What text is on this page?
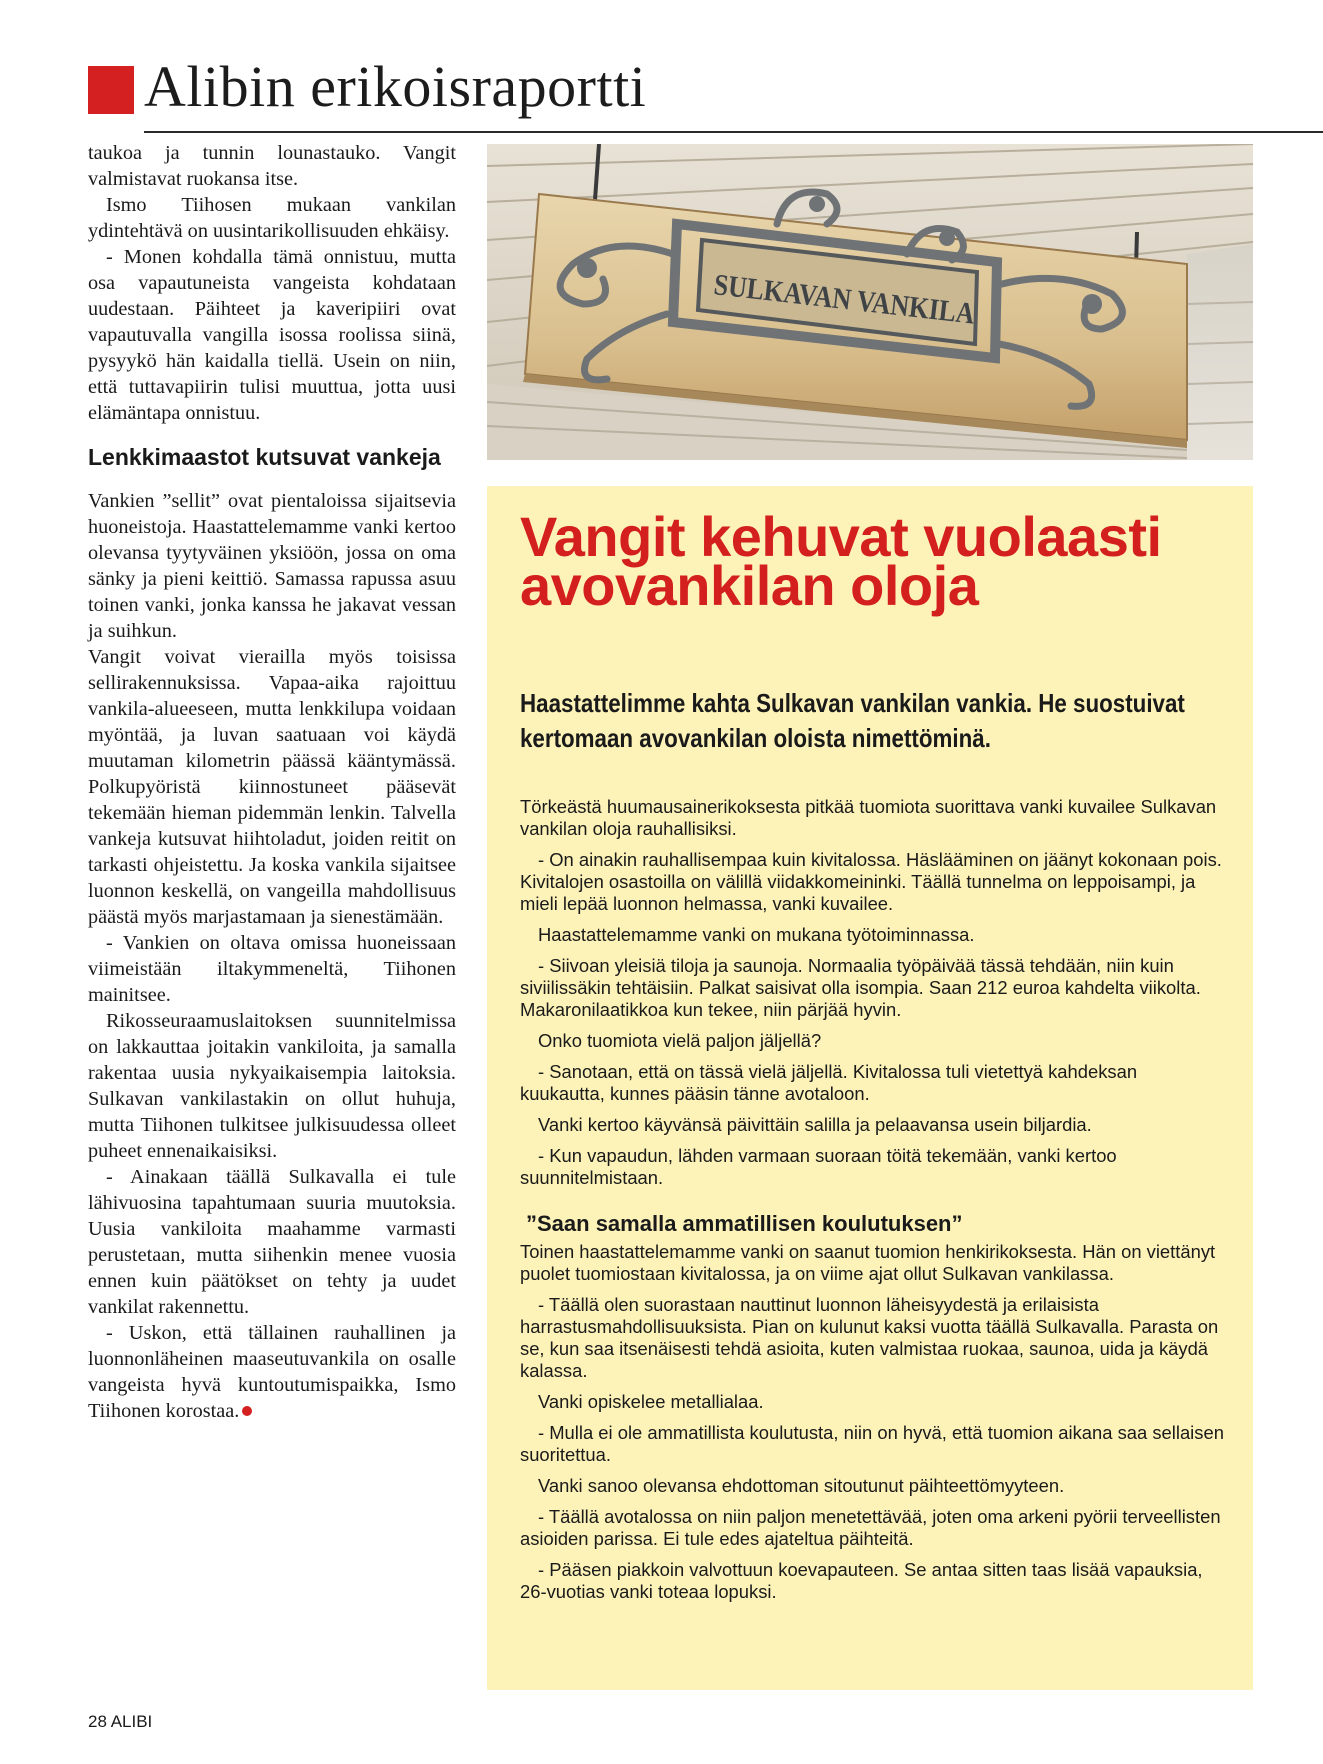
Alibin erikoisraportti

taukoa ja tunnin lounastauko. Vangit valmistavat ruokansa itse.

Ismo Tiihosen mukaan vankilan ydintehtävä on uusintarikollisuuden ehkäisy.

- Monen kohdalla tämä onnistuu, mutta osa vapautuneista vangeista kohdataan uudestaan. Päihteet ja kaveripiiri ovat vapautuvalla vangilla isossa roolissa siinä, pysyykö hän kaidalla tiellä. Usein on niin, että tuttavapiirin tulisi muuttua, jotta uusi elämäntapa onnistuu.

Lenkkimaastot kutsuvat vankeja

Vankien ”sellit” ovat pientaloissa sijaitsevia huoneistoja. Haastattelemamme vanki kertoo olevansa tyytyväinen yksiöön, jossa on oma sänky ja pieni keittiö. Samassa rapussa asuu toinen vanki, jonka kanssa he jakavat vessan ja suihkun.

Vangit voivat vierailla myös toisissa sellirakennuksissa. Vapaa-aika rajoittuu vankila-alueeseen, mutta lenkkilupa voidaan myöntää, ja luvan saatuaan voi käydä muutaman kilometrin päässä kääntymässä. Polkupyöristä kiinnostuneet pääsevät tekemään hieman pidemmän lenkin. Talvella vankeja kutsuvat hiihtoladut, joiden reitit on tarkasti ohjeistettu. Ja koska vankila sijaitsee luonnon keskellä, on vangeilla mahdollisuus päästä myös marjastamaan ja sienestämään.

- Vankien on oltava omissa huoneissaan viimeistään iltakymmeneltä, Tiihonen mainitsee.

Rikosseuraamuslaitoksen suunnitelmissa on lakkauttaa joitakin vankiloita, ja samalla rakentaa uusia nykyaikaisempia laitoksia. Sulkavan vankilastakin on ollut huhuja, mutta Tiihonen tulkitsee julkisuudessa olleet puheet ennenaikaisiksi.

- Ainakaan täällä Sulkavalla ei tule lähivuosina tapahtumaan suuria muutoksia. Uusia vankiloita maahamme varmasti perustetaan, mutta siihenkin menee vuosia ennen kuin päätökset on tehty ja uudet vankilat rakennettu.

- Uskon, että tällainen rauhallinen ja luonnonläheinen maaseutuvankila on osalle vangeista hyvä kuntoutumispaikka, Ismo Tiihonen korostaa.

SULKAVAN VANKILA
Vangit kehuvat vuolaasti avovankilan oloja

Haastattelimme kahta Sulkavan vankilan vankia. He suostuivat kertomaan avovankilan oloista nimettöminä.

Törkeästä huumausainerikoksesta pitkää tuomiota suorittava vanki kuvailee Sulkavan vankilan oloja rauhallisiksi.

- On ainakin rauhallisempaa kuin kivitalossa. Häslääminen on jäänyt kokonaan pois. Kivitalojen osastoilla on välillä viidakkomeininki. Täällä tunnelma on leppoisampi, ja mieli lepää luonnon helmassa, vanki kuvailee.

Haastattelemamme vanki on mukana työtoiminnassa.

- Siivoan yleisiä tiloja ja saunoja. Normaalia työpäivää tässä tehdään, niin kuin siviilissäkin tehtäisiin. Palkat saisivat olla isompia. Saan 212 euroa kahdelta viikolta. Makaronilaatikkoa kun tekee, niin pärjää hyvin.

Onko tuomiota vielä paljon jäljellä?

- Sanotaan, että on tässä vielä jäljellä. Kivitalossa tuli vietettyä kahdeksan kuukautta, kunnes pääsin tänne avotaloon.

Vanki kertoo käyvänsä päivittäin salilla ja pelaavansa usein biljardia.

- Kun vapaudun, lähden varmaan suoraan töitä tekemään, vanki kertoo suunnitelmistaan.

”Saan samalla ammatillisen koulutuksen”

Toinen haastattelemamme vanki on saanut tuomion henkirikoksesta. Hän on viettänyt puolet tuomiostaan kivitalossa, ja on viime ajat ollut Sulkavan vankilassa.

- Täällä olen suorastaan nauttinut luonnon läheisyydestä ja erilaisista harrastusmahdollisuuksista. Pian on kulunut kaksi vuotta täällä Sulkavalla. Parasta on se, kun saa itsenäisesti tehdä asioita, kuten valmistaa ruokaa, saunoa, uida ja käydä kalassa.

Vanki opiskelee metallialaa.

- Mulla ei ole ammatillista koulutusta, niin on hyvä, että tuomion aikana saa sellaisen suoritettua.

Vanki sanoo olevansa ehdottoman sitoutunut päihteettömyyteen.

- Täällä avotalossa on niin paljon menetettävää, joten oma arkeni pyörii terveellisten asioiden parissa. Ei tule edes ajateltua päihteitä.

- Pääsen piakkoin valvottuun koevapauteen. Se antaa sitten taas lisää vapauksia, 26-vuotias vanki toteaa lopuksi.

28 ALIBI
